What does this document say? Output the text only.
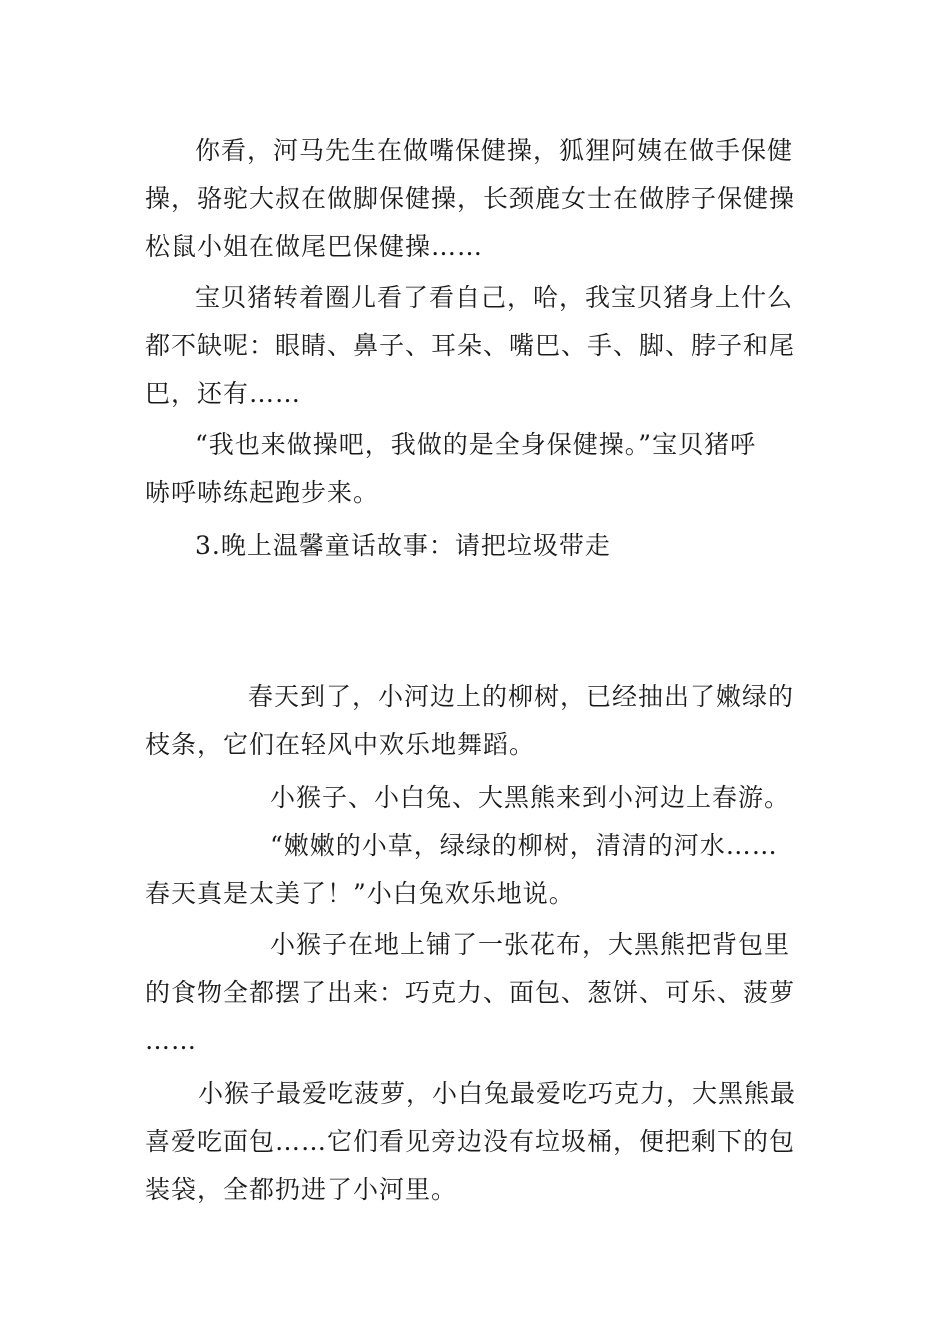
你看，河马先生在做嘴保健操，狐狸阿姨在做手保健
操，骆驼大叔在做脚保健操，长颈鹿女士在做脖子保健操
松鼠小姐在做尾巴保健操……

宝贝猪转着圈儿看了看自己，哈，我宝贝猪身上什么
都不缺呢：眼睛、鼻子、耳朵、嘴巴、手、脚、脖子和尾
巴，还有……

“我也来做操吧，我做的是全身保健操。”宝贝猪呼
哧呼哧练起跑步来。

3.晚上温馨童话故事：请把垃圾带走

春天到了，小河边上的柳树，已经抽出了嫩绿的
枝条，它们在轻风中欢乐地舞蹈。

小猴子、小白兔、大黑熊来到小河边上春游。

“嫩嫩的小草，绿绿的柳树，清清的河水……
春天真是太美了！”小白兔欢乐地说。

小猴子在地上铺了一张花布，大黑熊把背包里
的食物全都摆了出来：巧克力、面包、葱饼、可乐、菠萝
……

小猴子最爱吃菠萝，小白兔最爱吃巧克力，大黑熊最
喜爱吃面包……它们看见旁边没有垃圾桶，便把剩下的包
装袋，全都扔进了小河里。
